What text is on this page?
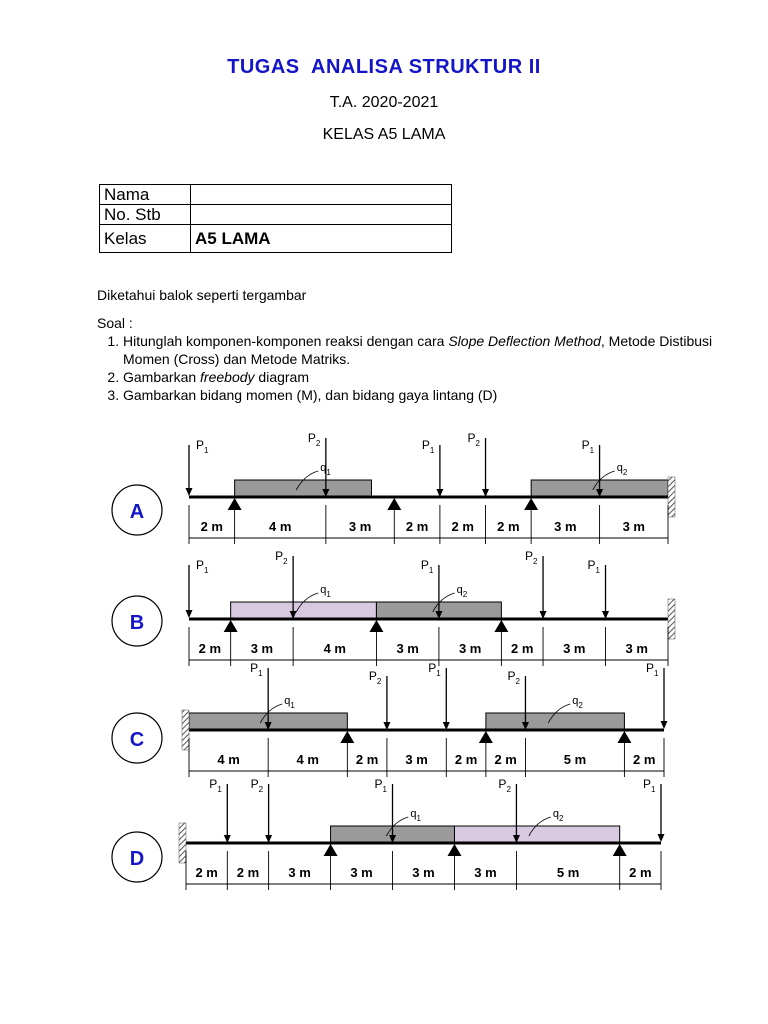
TUGAS  ANALISA STRUKTUR II
T.A. 2020-2021
KELAS A5 LAMA
Nama	
No. Stb	
Kelas	A5 LAMA
Diketahui balok seperti tergambar
Soal :
1. Hitunglah komponen-komponen reaksi dengan cara Slope Deflection Method, Metode Distibusi Momen (Cross) dan Metode Matriks.
2. Gambarkan freebody diagram
3. Gambarkan bidang momen (M), dan bidang gaya lintang (D)
A
$q_1$	$q_2$
$P_1$
$P_2$	$P_1$
$P_2$	$P_1$
2 m	4 m	3 m	2 m 2 m 2 m	3 m	3 m
B
$q_1$	$q_2$
$P_1$
$P_2$	$P_1$
$P_2$	$P_1$
2 m 3 m	4 m	3 m	3 m 2 m 3 m	3 m
C
$q_1$	$q_2$
$P_1$	$P_2$
$P_1$	$P_2$
$P_1$
4 m	4 m	2 m 3 m 2 m 2 m	5 m	2 m
D
$q_1$	$q_2$
$P_1$ $P_2$	$P_1$	$P_2$	$P_1$
2 m 2 m 3 m	3 m	3 m	3 m	5 m	2 m
